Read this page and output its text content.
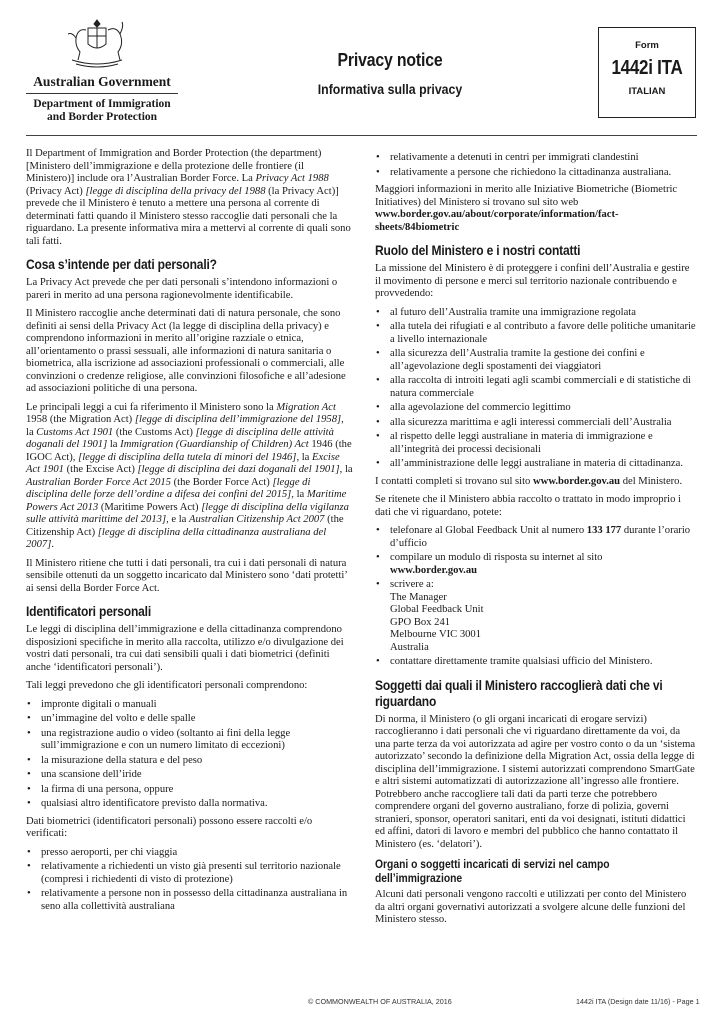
Australian Government
Department of Immigration
and Border Protection
Privacy notice
Informativa sulla privacy
Form
1442i ITA
ITALIAN

Il Department of Immigration and Border Protection (the department) [Ministero dell’immigrazione e della protezione delle frontiere (il Ministero)] include ora l’Australian Border Force. La Privacy Act 1988 (Privacy Act) [legge di disciplina della privacy del 1988 (la Privacy Act)] prevede che il Ministero è tenuto a mettere una persona al corrente di determinati fatti quando il Ministero stesso raccoglie dati personali che la riguardano. La presente informativa mira a mettervi al corrente di quali sono tali fatti.

Cosa s’intende per dati personali?

La Privacy Act prevede che per dati personali s’intendono informazioni o pareri in merito ad una persona ragionevolmente identificabile.

Il Ministero raccoglie anche determinati dati di natura personale, che sono definiti ai sensi della Privacy Act (la legge di disciplina della privacy) e comprendono informazioni in merito all’origine razziale o etnica, all’orientamento o prassi sessuali, alle informazioni di natura sanitaria o biometrica, alla iscrizione ad associazioni professionali o commerciali, alle convinzioni o credenze religiose, alle convinzioni filosofiche e all’adesione ad associazioni politiche di una persona.

Le principali leggi a cui fa riferimento il Ministero sono la Migration Act 1958 (the Migration Act) [legge di disciplina dell’immigrazione del 1958], la Customs Act 1901 (the Customs Act) [legge di disciplina delle attività doganali del 1901] la Immigration (Guardianship of Children) Act 1946 (the IGOC Act), [legge di disciplina della tutela di minori del 1946], la Excise Act 1901 (the Excise Act) [legge di disciplina dei dazi doganali del 1901], la Australian Border Force Act 2015 (the Border Force Act) [legge di disciplina delle forze dell’ordine a difesa dei confini del 2015], la Maritime Powers Act 2013 (Maritime Powers Act) [legge di disciplina della vigilanza sulle attività marittime del 2013], e la Australian Citizenship Act 2007 (the Citizenship Act) [legge di disciplina della cittadinanza australiana del 2007].

Il Ministero ritiene che tutti i dati personali, tra cui i dati personali di natura sensibile ottenuti da un soggetto incaricato dal Ministero sono ‘dati protetti’ ai sensi della Border Force Act.

Identificatori personali

Le leggi di disciplina dell’immigrazione e della cittadinanza comprendono disposizioni specifiche in merito alla raccolta, utilizzo e/o divulgazione dei vostri dati personali, tra cui dati sensibili quali i dati biometrici (definiti anche ‘identificatori personali’).

Tali leggi prevedono che gli identificatori personali comprendono:

• impronte digitali o manuali
• un’immagine del volto e delle spalle
• una registrazione audio o video (soltanto ai fini della legge sull’immigrazione e con un numero limitato di eccezioni)
• la misurazione della statura e del peso
• una scansione dell’iride
• la firma di una persona, oppure
• qualsiasi altro identificatore previsto dalla normativa.

Dati biometrici (identificatori personali) possono essere raccolti e/o verificati:

• presso aeroporti, per chi viaggia
• relativamente a richiedenti un visto già presenti sul territorio nazionale (compresi i richiedenti di visto di protezione)
• relativamente a persone non in possesso della cittadinanza australiana in seno alla collettività australiana
• relativamente a detenuti in centri per immigrati clandestini
• relativamente a persone che richiedono la cittadinanza australiana.

Maggiori informazioni in merito alle Iniziative Biometriche (Biometric Initiatives) del Ministero si trovano sul sito web
www.border.gov.au/about/corporate/information/fact-sheets/84biometric

Ruolo del Ministero e i nostri contatti

La missione del Ministero è di proteggere i confini dell’Australia e gestire il movimento di persone e merci sul territorio nazionale contribuendo e provvedendo:

• al futuro dell’Australia tramite una immigrazione regolata
• alla tutela dei rifugiati e al contributo a favore delle politiche umanitarie a livello internazionale
• alla sicurezza dell’Australia tramite la gestione dei confini e all’agevolazione degli spostamenti dei viaggiatori
• alla raccolta di introiti legati agli scambi commerciali e di statistiche di natura commerciale
• alla agevolazione del commercio legittimo
• alla sicurezza marittima e agli interessi commerciali dell’Australia
• al rispetto delle leggi australiane in materia di immigrazione e all’integrità dei processi decisionali
• all’amministrazione delle leggi australiane in materia di cittadinanza.

I contatti completi si trovano sul sito www.border.gov.au del Ministero.

Se ritenete che il Ministero abbia raccolto o trattato in modo improprio i dati che vi riguardano, potete:

• telefonare al Global Feedback Unit al numero 133 177 durante l’orario d’ufficio
• compilare un modulo di risposta su internet al sito
www.border.gov.au
• scrivere a:
The Manager
Global Feedback Unit
GPO Box 241
Melbourne VIC 3001
Australia
• contattare direttamente tramite qualsiasi ufficio del Ministero.
Soggetti dai quali il Ministero raccoglierà dati che vi riguardano

Di norma, il Ministero (o gli organi incaricati di erogare servizi) raccoglieranno i dati personali che vi riguardano direttamente da voi, da una parte terza da voi autorizzata ad agire per vostro conto o da un ‘sistema autorizzato’ secondo la definizione della Migration Act, ossia della legge di disciplina dell’immigrazione. I sistemi autorizzati comprendono SmartGate e altri sistemi automatizzati di autorizzazione all’ingresso alle frontiere. Potrebbero anche raccogliere tali dati da parti terze che potrebbero comprendere organi del governo australiano, forze di polizia, governi stranieri, sponsor, operatori sanitari, enti da voi designati, istituti didattici ed affini, datori di lavoro e membri del pubblico che hanno contattato il Ministero (es. ‘delatori’).

Organi o soggetti incaricati di servizi nel campo dell’immigrazione

Alcuni dati personali vengono raccolti e utilizzati per conto del Ministero da altri organi governativi autorizzati a svolgere alcune delle funzioni del Ministero stesso.

© COMMONWEALTH OF AUSTRALIA, 2016	1442i ITA (Design date 11/16) - Page 1
